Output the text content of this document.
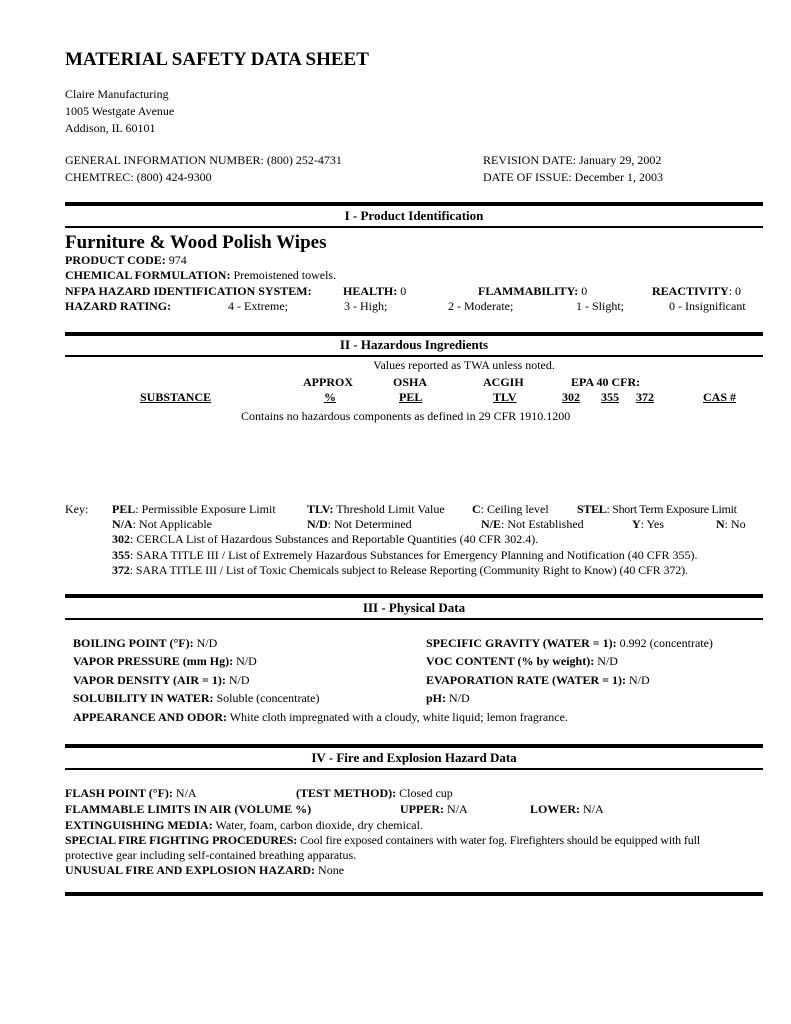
MATERIAL SAFETY DATA SHEET
Claire Manufacturing
1005 Westgate Avenue
Addison, IL 60101
GENERAL INFORMATION NUMBER: (800) 252-4731
CHEMTREC: (800) 424-9300
REVISION DATE: January 29, 2002
DATE OF ISSUE: December 1, 2003
I - Product Identification
Furniture & Wood Polish Wipes
PRODUCT CODE: 974
CHEMICAL FORMULATION: Premoistened towels.
NFPA HAZARD IDENTIFICATION SYSTEM:	HEALTH: 0	FLAMMABILITY: 0	REACTIVITY: 0
HAZARD RATING:	4 - Extreme;	3 - High;	2 - Moderate;	1 - Slight;	0 - Insignificant
II - Hazardous Ingredients
Values reported as TWA unless noted.
APPROX	OSHA	ACGIH	EPA 40 CFR:
SUBSTANCE	%	PEL	TLV	302 355 372	CAS #
Contains no hazardous components as defined in 29 CFR 1910.1200
Key: PEL: Permissible Exposure Limit	TLV: Threshold Limit Value C: Ceiling level STEL: Short Term Exposure Limit
N/A: Not Applicable	N/D: Not Determined	N/E: Not Established	Y: Yes	N: No
302: CERCLA List of Hazardous Substances and Reportable Quantities (40 CFR 302.4).
355: SARA TITLE III / List of Extremely Hazardous Substances for Emergency Planning and Notification (40 CFR 355).
372: SARA TITLE III / List of Toxic Chemicals subject to Release Reporting (Community Right to Know) (40 CFR 372).
III - Physical Data
BOILING POINT (°F): N/D
VAPOR PRESSURE (mm Hg): N/D
VAPOR DENSITY (AIR = 1): N/D
SOLUBILITY IN WATER: Soluble (concentrate)
SPECIFIC GRAVITY (WATER = 1): 0.992 (concentrate)
VOC CONTENT (% by weight): N/D
EVAPORATION RATE (WATER = 1): N/D
pH: N/D
APPEARANCE AND ODOR: White cloth impregnated with a cloudy, white liquid; lemon fragrance.
IV - Fire and Explosion Hazard Data
FLASH POINT (°F): N/A	(TEST METHOD): Closed cup
FLAMMABLE LIMITS IN AIR (VOLUME %)	UPPER: N/A	LOWER: N/A
EXTINGUISHING MEDIA: Water, foam, carbon dioxide, dry chemical.
SPECIAL FIRE FIGHTING PROCEDURES: Cool fire exposed containers with water fog. Firefighters should be equipped with full
protective gear including self-contained breathing apparatus.
UNUSUAL FIRE AND EXPLOSION HAZARD: None
